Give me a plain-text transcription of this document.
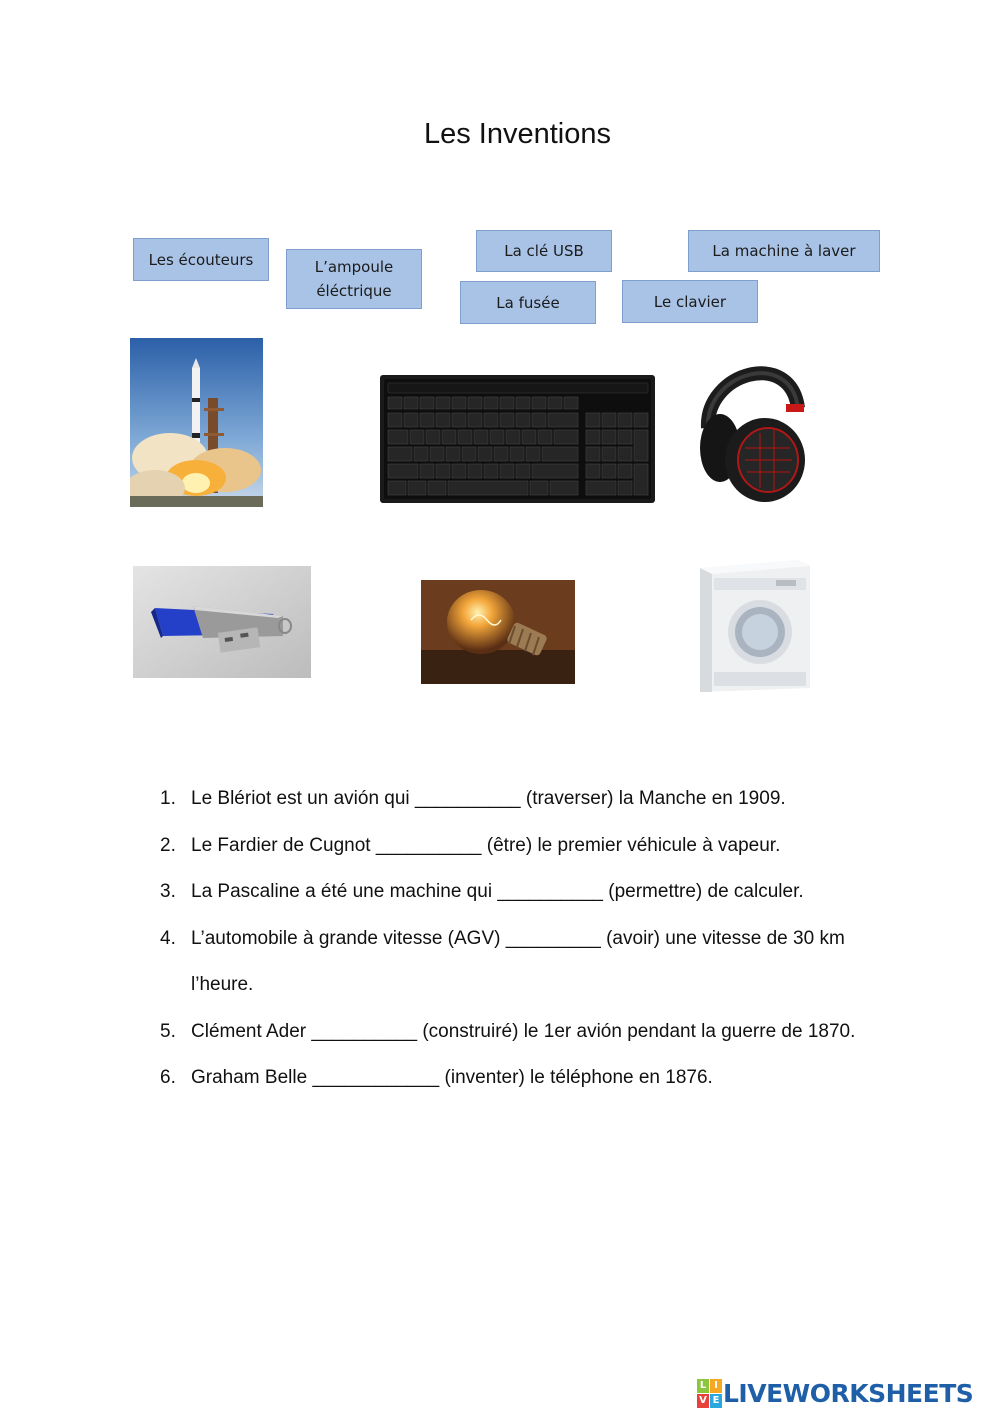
Les Inventions
Les écouteurs	L’ampoule éléctrique
La clé USB
La fusée	Le clavier
La machine à laver
1. Le Blériot est un avión qui __________ (traverser) la Manche en 1909.
2. Le Fardier de Cugnot __________ (être) le premier véhicule à vapeur.
3. La Pascaline a été une machine qui __________ (permettre) de calculer.
4. L’automobile à grande vitesse (AGV) _________ (avoir) une vitesse de 30 km
l’heure.
5. Clément Ader __________ (construiré) le 1er avión pendant la guerre de 1870.
6. Graham Belle ____________ (inventer) le téléphone en 1876.
L I
V E LIVEWORKSHEETS
